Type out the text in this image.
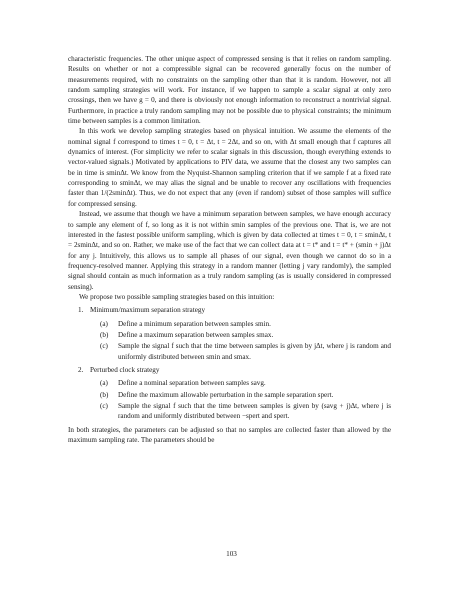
characteristic frequencies. The other unique aspect of compressed sensing is that it relies on random sampling. Results on whether or not a compressible signal can be recovered generally focus on the number of measurements required, with no constraints on the sampling other than that it is random. However, not all random sampling strategies will work. For instance, if we happen to sample a scalar signal at only zero crossings, then we have g = 0, and there is obviously not enough information to reconstruct a nontrivial signal. Furthermore, in practice a truly random sampling may not be possible due to physical constraints; the minimum time between samples is a common limitation.

In this work we develop sampling strategies based on physical intuition. We assume the elements of the nominal signal f correspond to times t = 0, t = Δt, t = 2Δt, and so on, with Δt small enough that f captures all dynamics of interest. (For simplicity we refer to scalar signals in this discussion, though everything extends to vector-valued signals.) Motivated by applications to PIV data, we assume that the closest any two samples can be in time is sminΔt. We know from the Nyquist-Shannon sampling criterion that if we sample f at a fixed rate corresponding to sminΔt, we may alias the signal and be unable to recover any oscillations with frequencies faster than 1/(2sminΔt). Thus, we do not expect that any (even if random) subset of those samples will suffice for compressed sensing.

Instead, we assume that though we have a minimum separation between samples, we have enough accuracy to sample any element of f, so long as it is not within smin samples of the previous one. That is, we are not interested in the fastest possible uniform sampling, which is given by data collected at times t = 0, t = sminΔt, t = 2sminΔt, and so on. Rather, we make use of the fact that we can collect data at t = t* and t = t* + (smin + j)Δt for any j. Intuitively, this allows us to sample all phases of our signal, even though we cannot do so in a frequency-resolved manner. Applying this strategy in a random manner (letting j vary randomly), the sampled signal should contain as much information as a truly random sampling (as is usually considered in compressed sensing).

We propose two possible sampling strategies based on this intuition:

1. Minimum/maximum separation strategy
(a) Define a minimum separation between samples smin.
(b) Define a maximum separation between samples smax.
(c) Sample the signal f such that the time between samples is given by jΔt, where j is random and uniformly distributed between smin and smax.
2. Perturbed clock strategy
(a) Define a nominal separation between samples savg.
(b) Define the maximum allowable perturbation in the sample separation spert.
(c) Sample the signal f such that the time between samples is given by (savg + j)Δt, where j is random and uniformly distributed between −spert and spert.

In both strategies, the parameters can be adjusted so that no samples are collected faster than allowed by the maximum sampling rate. The parameters should be

103
